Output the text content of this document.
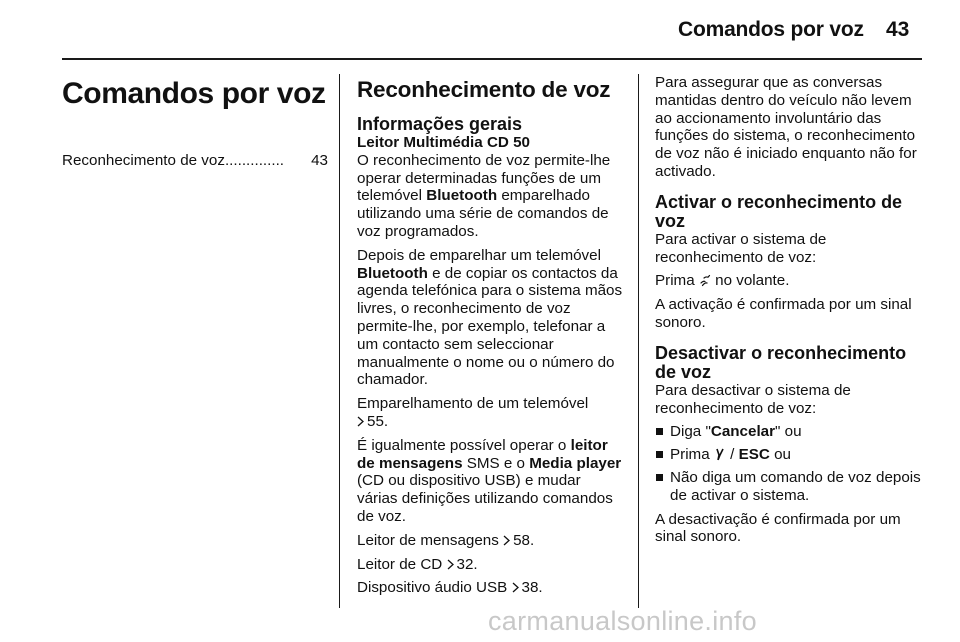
Comandos por voz 43
Comandos por voz
Reconhecimento de voz ..............	43
Reconhecimento de voz
Informações gerais
Leitor Multimédia CD 50

O reconhecimento de voz permite-lhe operar determinadas funções de um telemóvel Bluetooth emparelhado utilizando uma série de comandos de voz programados.

Depois de emparelhar um telemóvel Bluetooth e de copiar os contactos da agenda telefónica para o sistema mãos livres, o reconhecimento de voz permite-lhe, por exemplo, telefonar a um contacto sem seleccionar manualmente o nome ou o número do chamador.

Emparelhamento de um telemóvel
55.

É igualmente possível operar o leitor de mensagens SMS e o Media player (CD ou dispositivo USB) e mudar várias definições utilizando comandos de voz.

Leitor de mensagens 58.

Leitor de CD 32.

Dispositivo áudio USB 38.

Para assegurar que as conversas mantidas dentro do veículo não levem ao accionamento involuntário das funções do sistema, o reconhecimento de voz não é iniciado enquanto não for activado.

Activar o reconhecimento de voz

Para activar o sistema de reconhecimento de voz:

Prima no volante.

A activação é confirmada por um sinal sonoro.

Desactivar o reconhecimento de voz

Para desactivar o sistema de reconhecimento de voz:

Diga "Cancelar" ou
Prima / ESC ou
Não diga um comando de voz depois de activar o sistema.

A desactivação é confirmada por um sinal sonoro.

carmanualsonline.info
